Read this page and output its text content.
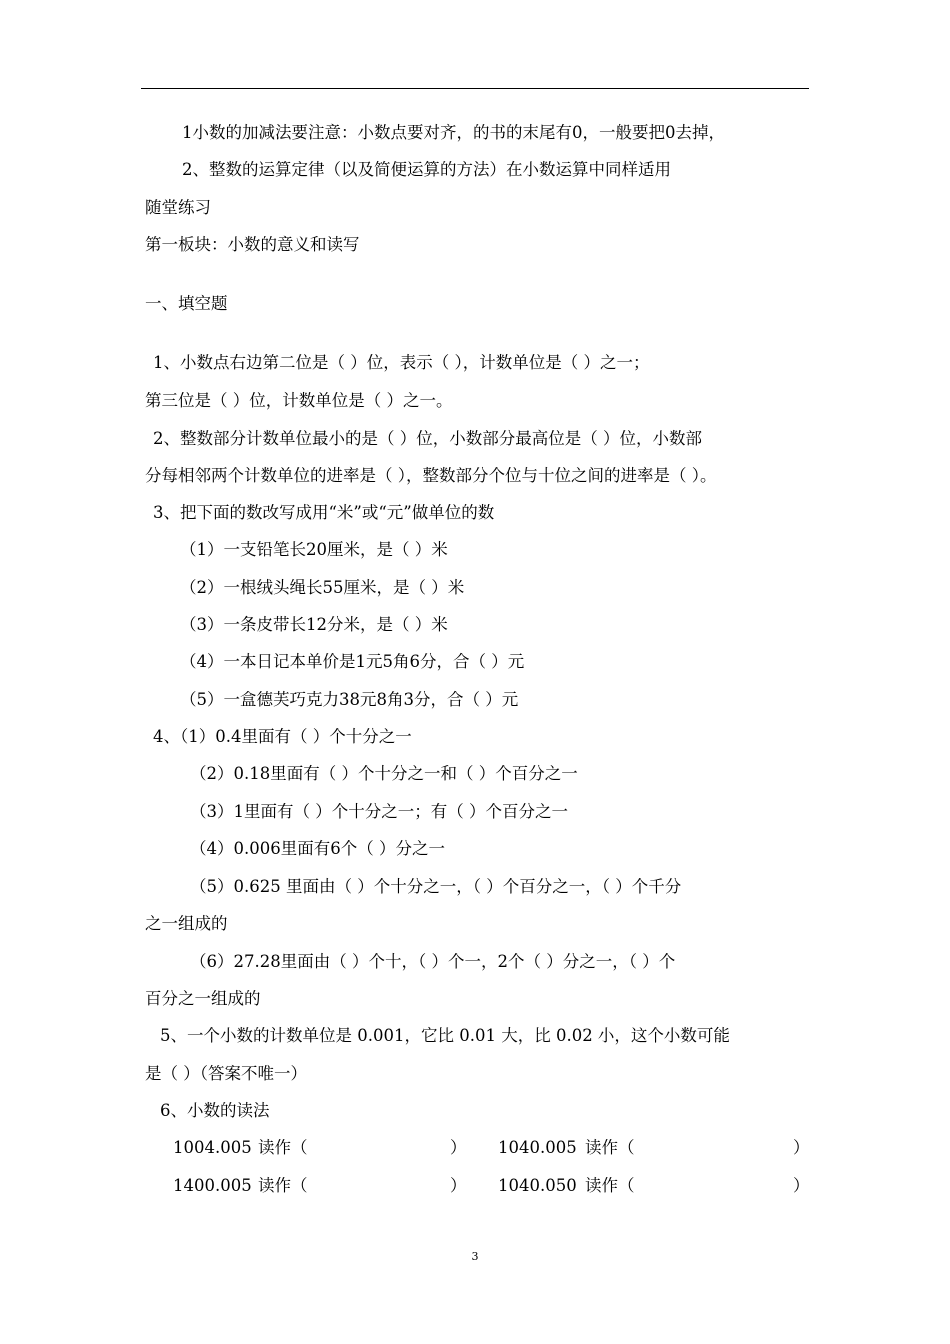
1小数的加减法要注意：小数点要对齐，的书的末尾有0，一般要把0去掉，
2、整数的运算定律（以及简便运算的方法）在小数运算中同样适用
随堂练习
第一板块：小数的意义和读写
一、填空题
1、小数点右边第二位是（ ）位，表示（ ），计数单位是（ ）之一；
第三位是（ ）位，计数单位是（ ）之一。
2、整数部分计数单位最小的是（ ）位，小数部分最高位是（ ）位，小数部
分每相邻两个计数单位的进率是（ ），整数部分个位与十位之间的进率是（ ）。
3、把下面的数改写成用“米”或“元”做单位的数
（1）一支铅笔长20厘米，是（ ）米
（2）一根绒头绳长55厘米，是（ ）米
（3）一条皮带长12分米，是（ ）米
（4）一本日记本单价是1元5角6分，合（ ）元
（5）一盒德芙巧克力38元8角3分，合（ ）元
4、（1）0.4里面有（ ）个十分之一
（2）0.18里面有（ ）个十分之一和（ ）个百分之一
（3）1里面有（ ）个十分之一；有（ ）个百分之一
（4）0.006里面有6个（ ）分之一
（5）0.625 里面由（ ）个十分之一，（ ）个百分之一，（ ）个千分
之一组成的
（6）27.28里面由（ ）个十，（ ）个一，2个（ ）分之一，（ ）个
百分之一组成的
5、一个小数的计数单位是 0.001，它比 0.01 大，比 0.02 小，这个小数可能
是（ ）（答案不唯一）
6、小数的读法
1004.005 读作（	） 1040.005 读作（	）
1400.005 读作（	） 1040.050 读作（	）
3
